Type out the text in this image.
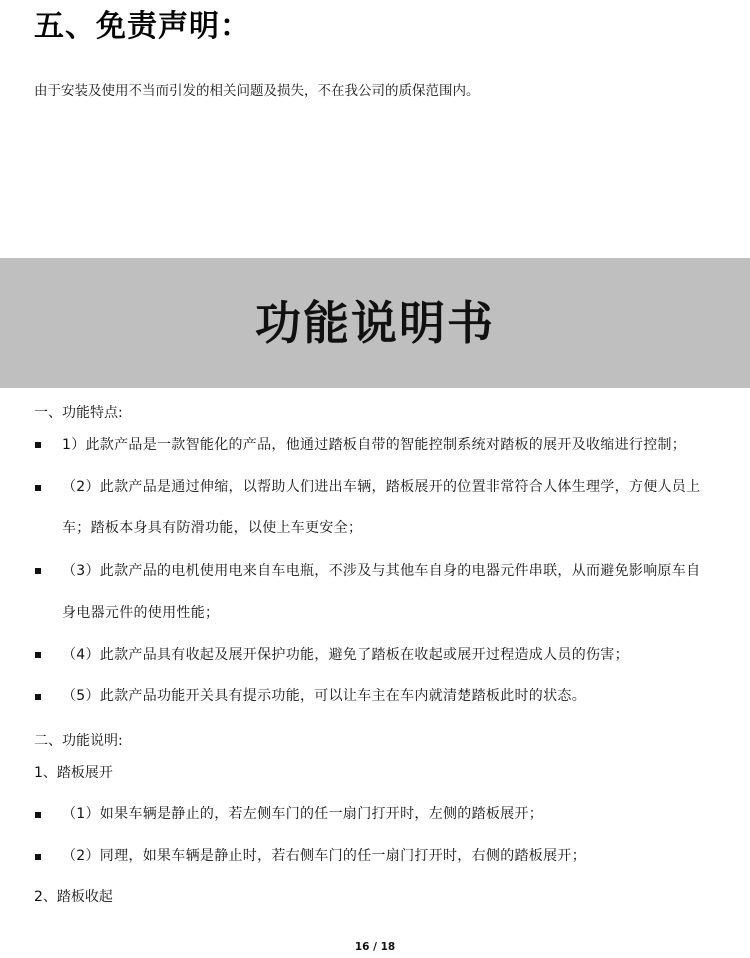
五、免责声明：
由于安装及使用不当而引发的相关问题及损失，不在我公司的质保范围内。
功能说明书
一、功能特点:
1）此款产品是一款智能化的产品，他通过踏板自带的智能控制系统对踏板的展开及收缩进行控制；
（2）此款产品是通过伸缩，以帮助人们进出车辆，踏板展开的位置非常符合人体生理学，方便人员上
车；踏板本身具有防滑功能，以使上车更安全；
（3）此款产品的电机使用电来自车电瓶，不涉及与其他车自身的电器元件串联，从而避免影响原车自
身电器元件的使用性能；
（4）此款产品具有收起及展开保护功能，避免了踏板在收起或展开过程造成人员的伤害；
（5）此款产品功能开关具有提示功能，可以让车主在车内就清楚踏板此时的状态。
二、功能说明:
1、踏板展开
（1）如果车辆是静止的，若左侧车门的任一扇门打开时，左侧的踏板展开；
（2）同理，如果车辆是静止时，若右侧车门的任一扇门打开时，右侧的踏板展开；
2、踏板收起
16 / 18
